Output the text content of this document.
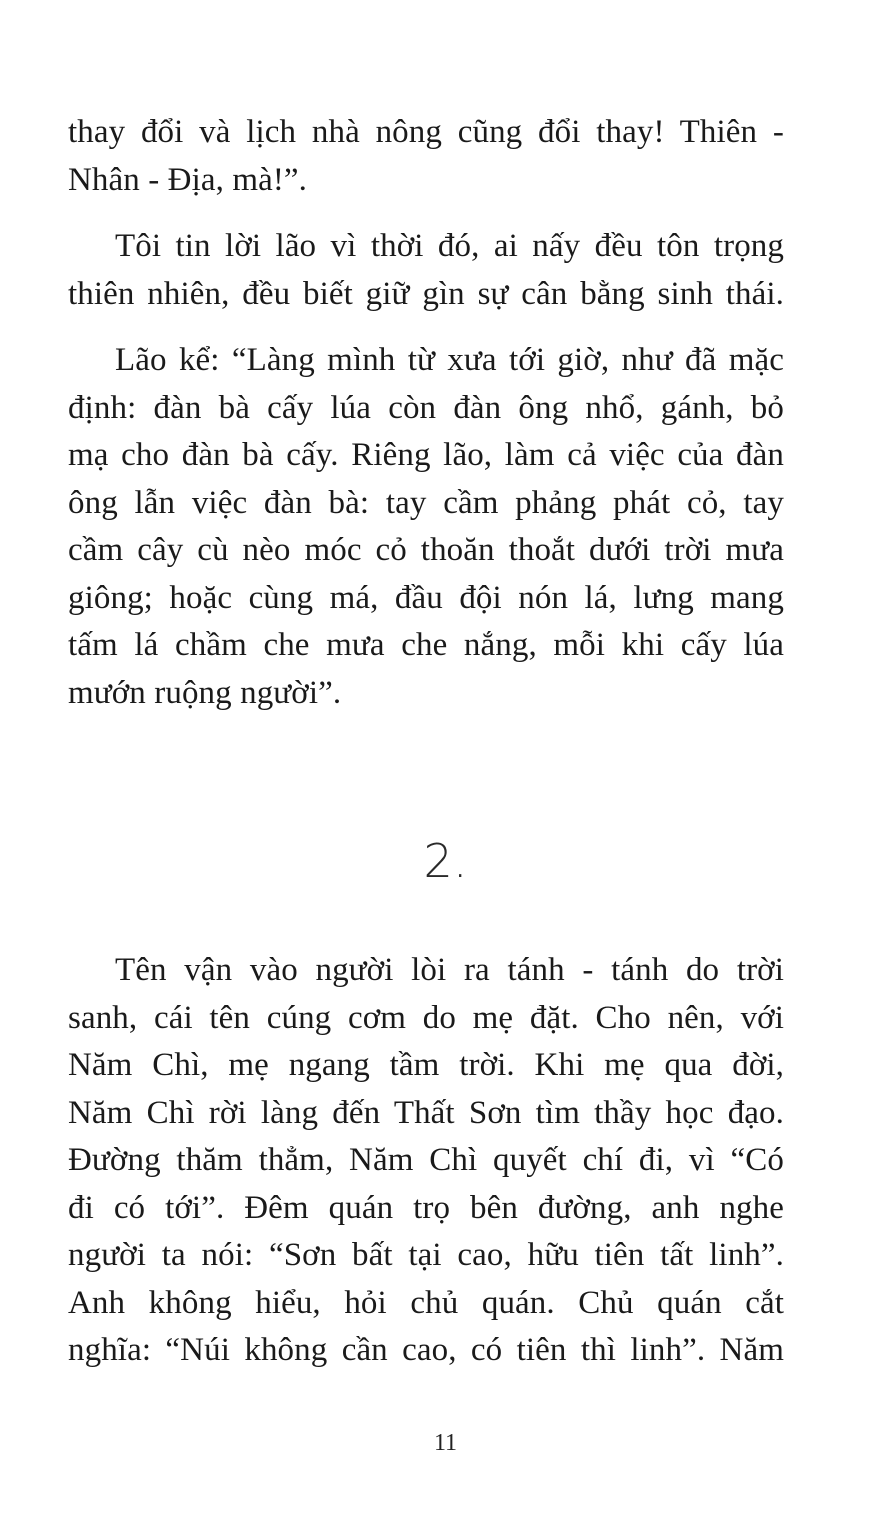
thay đổi và lịch nhà nông cũng đổi thay! Thiên -
Nhân - Địa, mà!”.
Tôi tin lời lão vì thời đó, ai nấy đều tôn trọng
thiên nhiên, đều biết giữ gìn sự cân bằng sinh thái.
Lão kể: “Làng mình từ xưa tới giờ, như đã mặc
định: đàn bà cấy lúa còn đàn ông nhổ, gánh, bỏ
mạ cho đàn bà cấy. Riêng lão, làm cả việc của đàn
ông lẫn việc đàn bà: tay cầm phảng phát cỏ, tay
cầm cây cù nèo móc cỏ thoăn thoắt dưới trời mưa
giông; hoặc cùng má, đầu đội nón lá, lưng mang
tấm lá chầm che mưa che nắng, mỗi khi cấy lúa
mướn ruộng người”.
2.
Tên vận vào người lòi ra tánh - tánh do trời
sanh, cái tên cúng cơm do mẹ đặt. Cho nên, với
Năm Chì, mẹ ngang tầm trời. Khi mẹ qua đời,
Năm Chì rời làng đến Thất Sơn tìm thầy học đạo.
Đường thăm thẳm, Năm Chì quyết chí đi, vì “Có
đi có tới”. Đêm quán trọ bên đường, anh nghe
người ta nói: “Sơn bất tại cao, hữu tiên tất linh”.
Anh không hiểu, hỏi chủ quán. Chủ quán cắt
nghĩa: “Núi không cần cao, có tiên thì linh”. Năm
11
